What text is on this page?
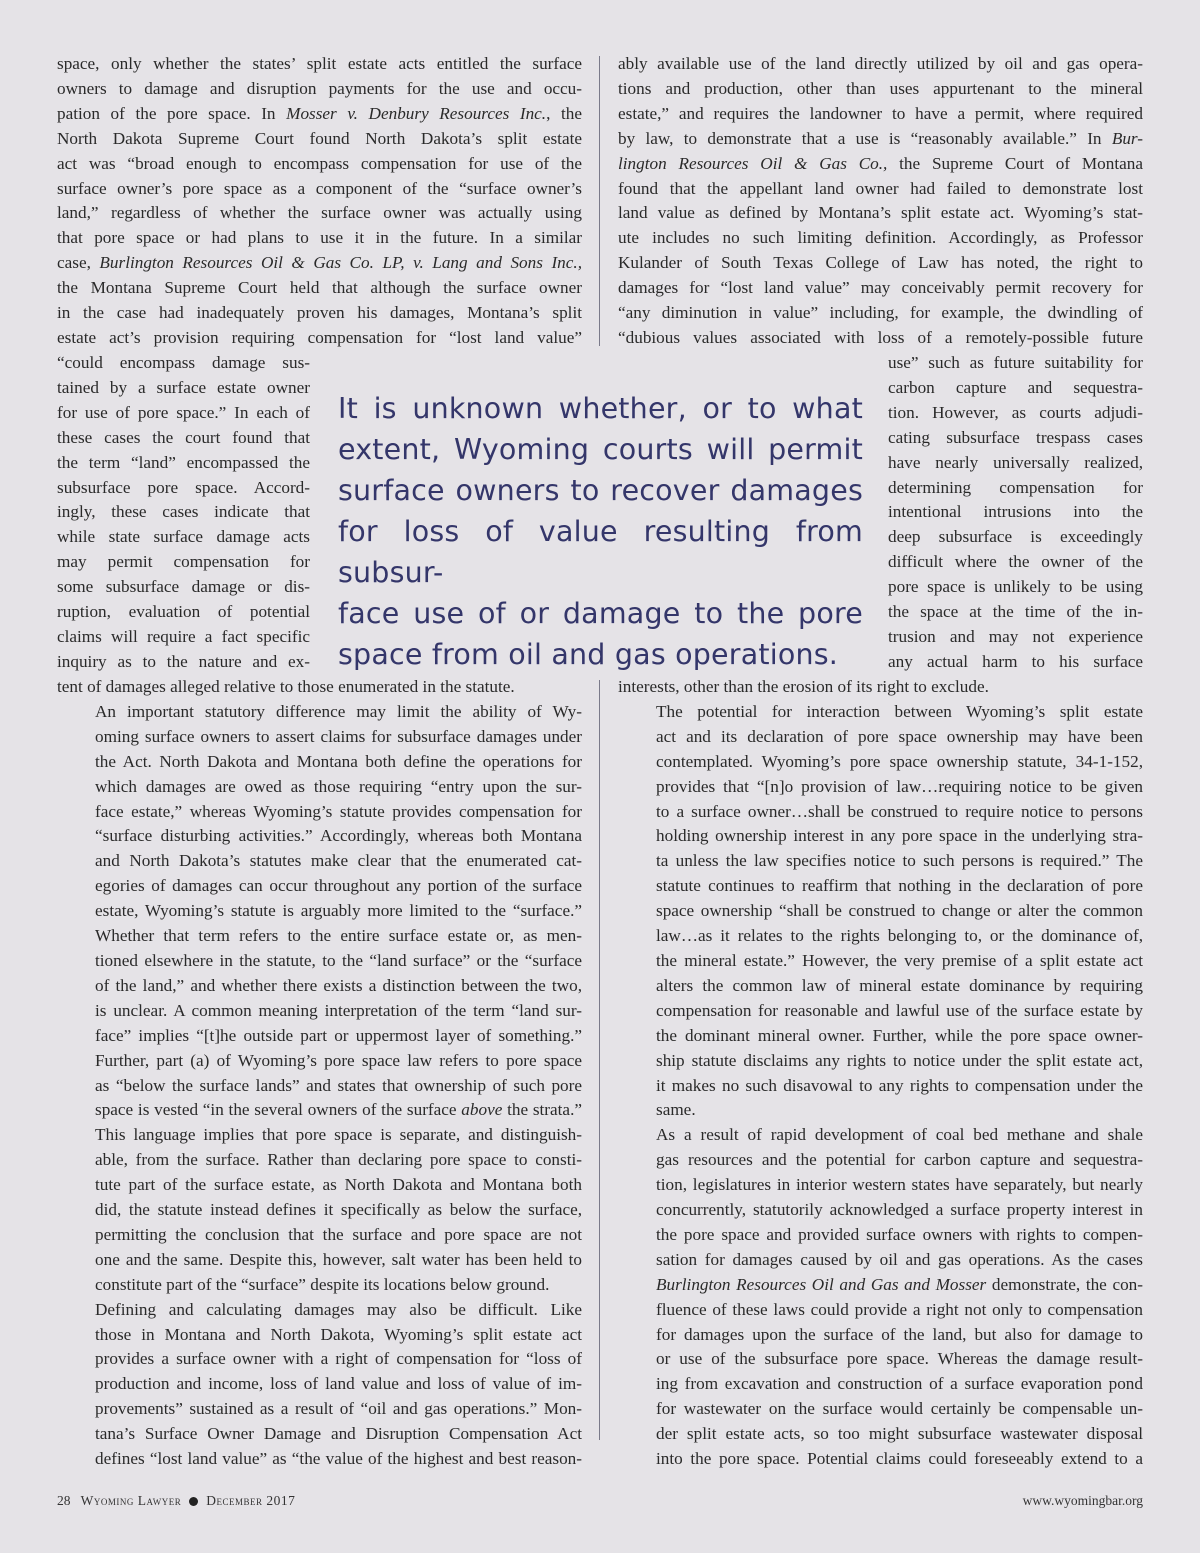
space, only whether the states’ split estate acts entitled the surface
owners to damage and disruption payments for the use and occu-
pation of the pore space. In Mosser v. Denbury Resources Inc., the
North Dakota Supreme Court found North Dakota’s split estate
act was “broad enough to encompass compensation for use of the
surface owner’s pore space as a component of the “surface owner’s
land,” regardless of whether the surface owner was actually using
that pore space or had plans to use it in the future. In a similar
case, Burlington Resources Oil & Gas Co. LP, v. Lang and Sons Inc.,
the Montana Supreme Court held that although the surface owner
in the case had inadequately proven his damages, Montana’s split
estate act’s provision requiring compensation for “lost land value”
“could encompass damage sus-
tained by a surface estate owner
for use of pore space.” In each of
these cases the court found that
the term “land” encompassed the
subsurface pore space. Accord-
ingly, these cases indicate that
while state surface damage acts
may permit compensation for
some subsurface damage or dis-
ruption, evaluation of potential
claims will require a fact specific
inquiry as to the nature and ex-

tent of damages alleged relative to those enumerated in the statute.

An important statutory difference may limit the ability of Wy-
oming surface owners to assert claims for subsurface damages under
the Act. North Dakota and Montana both define the operations for
which damages are owed as those requiring “entry upon the sur-
face estate,” whereas Wyoming’s statute provides compensation for
“surface disturbing activities.” Accordingly, whereas both Montana
and North Dakota’s statutes make clear that the enumerated cat-
egories of damages can occur throughout any portion of the surface
estate, Wyoming’s statute is arguably more limited to the “surface.”
Whether that term refers to the entire surface estate or, as men-
tioned elsewhere in the statute, to the “land surface” or the “surface
of the land,” and whether there exists a distinction between the two,
is unclear. A common meaning interpretation of the term “land sur-
face” implies “[t]he outside part or uppermost layer of something.”
Further, part (a) of Wyoming’s pore space law refers to pore space
as “below the surface lands” and states that ownership of such pore
space is vested “in the several owners of the surface above the strata.”
This language implies that pore space is separate, and distinguish-
able, from the surface. Rather than declaring pore space to consti-
tute part of the surface estate, as North Dakota and Montana both
did, the statute instead defines it specifically as below the surface,
permitting the conclusion that the surface and pore space are not
one and the same. Despite this, however, salt water has been held to
constitute part of the “surface” despite its locations below ground.

Defining and calculating damages may also be difficult. Like
those in Montana and North Dakota, Wyoming’s split estate act
provides a surface owner with a right of compensation for “loss of
production and income, loss of land value and loss of value of im-
provements” sustained as a result of “oil and gas operations.” Mon-
tana’s Surface Owner Damage and Disruption Compensation Act
defines “lost land value” as “the value of the highest and best reason-

ably available use of the land directly utilized by oil and gas opera-
tions and production, other than uses appurtenant to the mineral
estate,” and requires the landowner to have a permit, where required
by law, to demonstrate that a use is “reasonably available.” In Bur-
lington Resources Oil & Gas Co., the Supreme Court of Montana
found that the appellant land owner had failed to demonstrate lost
land value as defined by Montana’s split estate act. Wyoming’s stat-
ute includes no such limiting definition. Accordingly, as Professor
Kulander of South Texas College of Law has noted, the right to
damages for “lost land value” may conceivably permit recovery for
“any diminution in value” including, for example, the dwindling of
“dubious values associated with loss of a remotely-possible future
use” such as future suitability for
carbon capture and sequestra-
tion. However, as courts adjudi-
cating subsurface trespass cases
have nearly universally realized,
determining compensation for
intentional intrusions into the
deep subsurface is exceedingly
difficult where the owner of the
pore space is unlikely to be using
the space at the time of the in-
trusion and may not experience
any actual harm to his surface

interests, other than the erosion of its right to exclude.

The potential for interaction between Wyoming’s split estate
act and its declaration of pore space ownership may have been
contemplated. Wyoming’s pore space ownership statute, 34-1-152,
provides that “[n]o provision of law…requiring notice to be given
to a surface owner…shall be construed to require notice to persons
holding ownership interest in any pore space in the underlying stra-
ta unless the law specifies notice to such persons is required.” The
statute continues to reaffirm that nothing in the declaration of pore
space ownership “shall be construed to change or alter the common
law…as it relates to the rights belonging to, or the dominance of,
the mineral estate.” However, the very premise of a split estate act
alters the common law of mineral estate dominance by requiring
compensation for reasonable and lawful use of the surface estate by
the dominant mineral owner. Further, while the pore space owner-
ship statute disclaims any rights to notice under the split estate act,
it makes no such disavowal to any rights to compensation under the
same.

As a result of rapid development of coal bed methane and shale
gas resources and the potential for carbon capture and sequestra-
tion, legislatures in interior western states have separately, but nearly
concurrently, statutorily acknowledged a surface property interest in
the pore space and provided surface owners with rights to compen-
sation for damages caused by oil and gas operations. As the cases
Burlington Resources Oil and Gas and Mosser demonstrate, the con-
fluence of these laws could provide a right not only to compensation
for damages upon the surface of the land, but also for damage to
or use of the subsurface pore space. Whereas the damage result-
ing from excavation and construction of a surface evaporation pond
for wastewater on the surface would certainly be compensable un-
der split estate acts, so too might subsurface wastewater disposal
into the pore space. Potential claims could foreseeably extend to a

It is unknown whether, or to what
extent, Wyoming courts will permit
surface owners to recover damages
for loss of value resulting from subsur-
face use of or damage to the pore
space from oil and gas operations.
28 Wyoming Lawyer December 2017	www.wyomingbar.org
